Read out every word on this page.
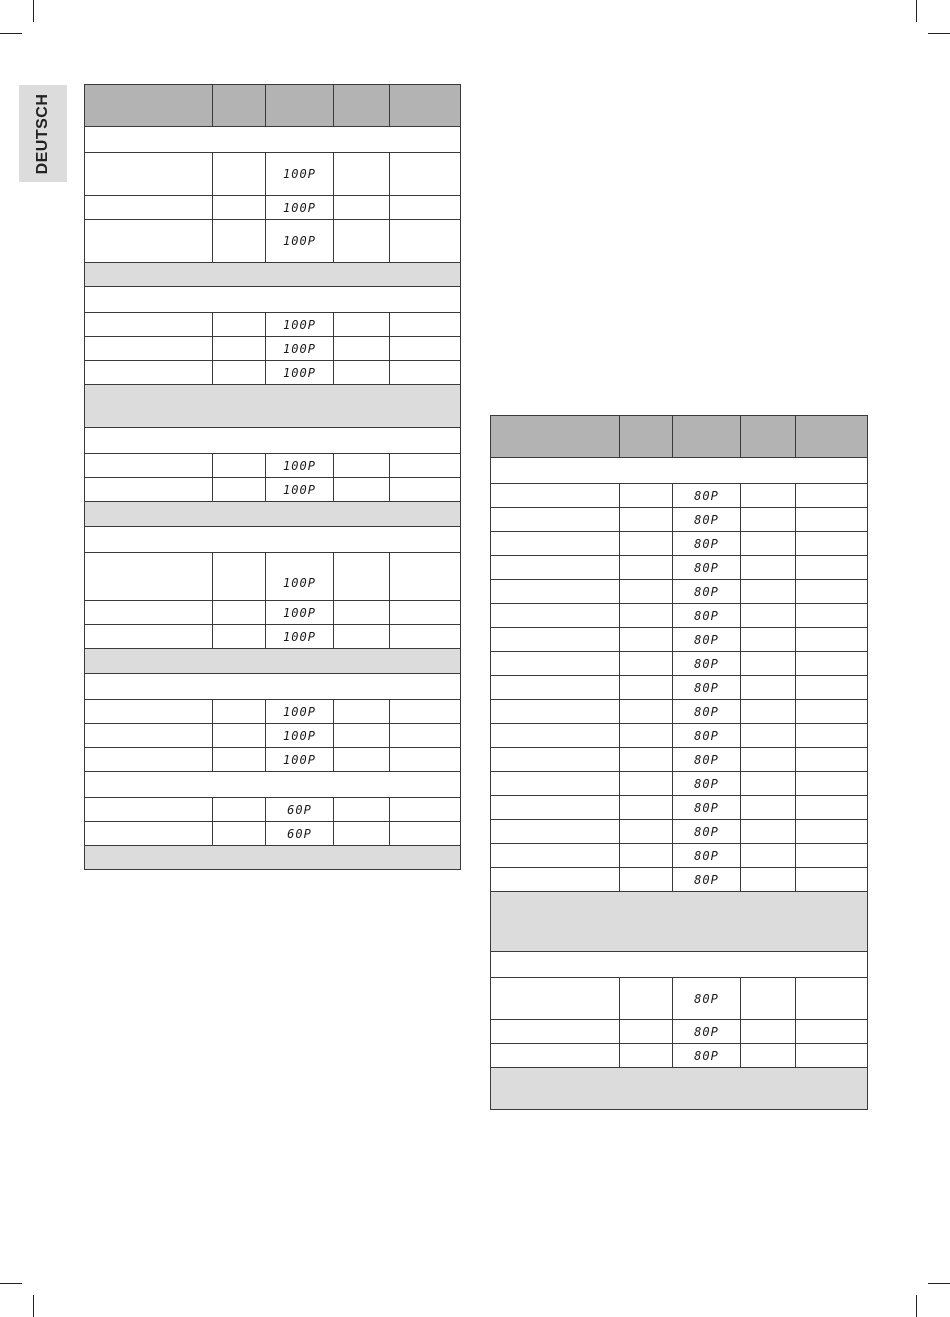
DEUTSCH

		100P		
		100P		
		100P		

		100P		
		100P		
		100P		

		100P		
		100P		

		100P		

		100P		
		100P		

		100P		
		100P		
		100P		

		60P		
		60P		

		80P		
		80P		
		80P		
		80P		
		80P		
		80P		
		80P		
		80P		
		80P		
		80P		
		80P		
		80P		
		80P		
		80P		
		80P		
		80P		
		80P		

		80P		
		80P		
		80P		
